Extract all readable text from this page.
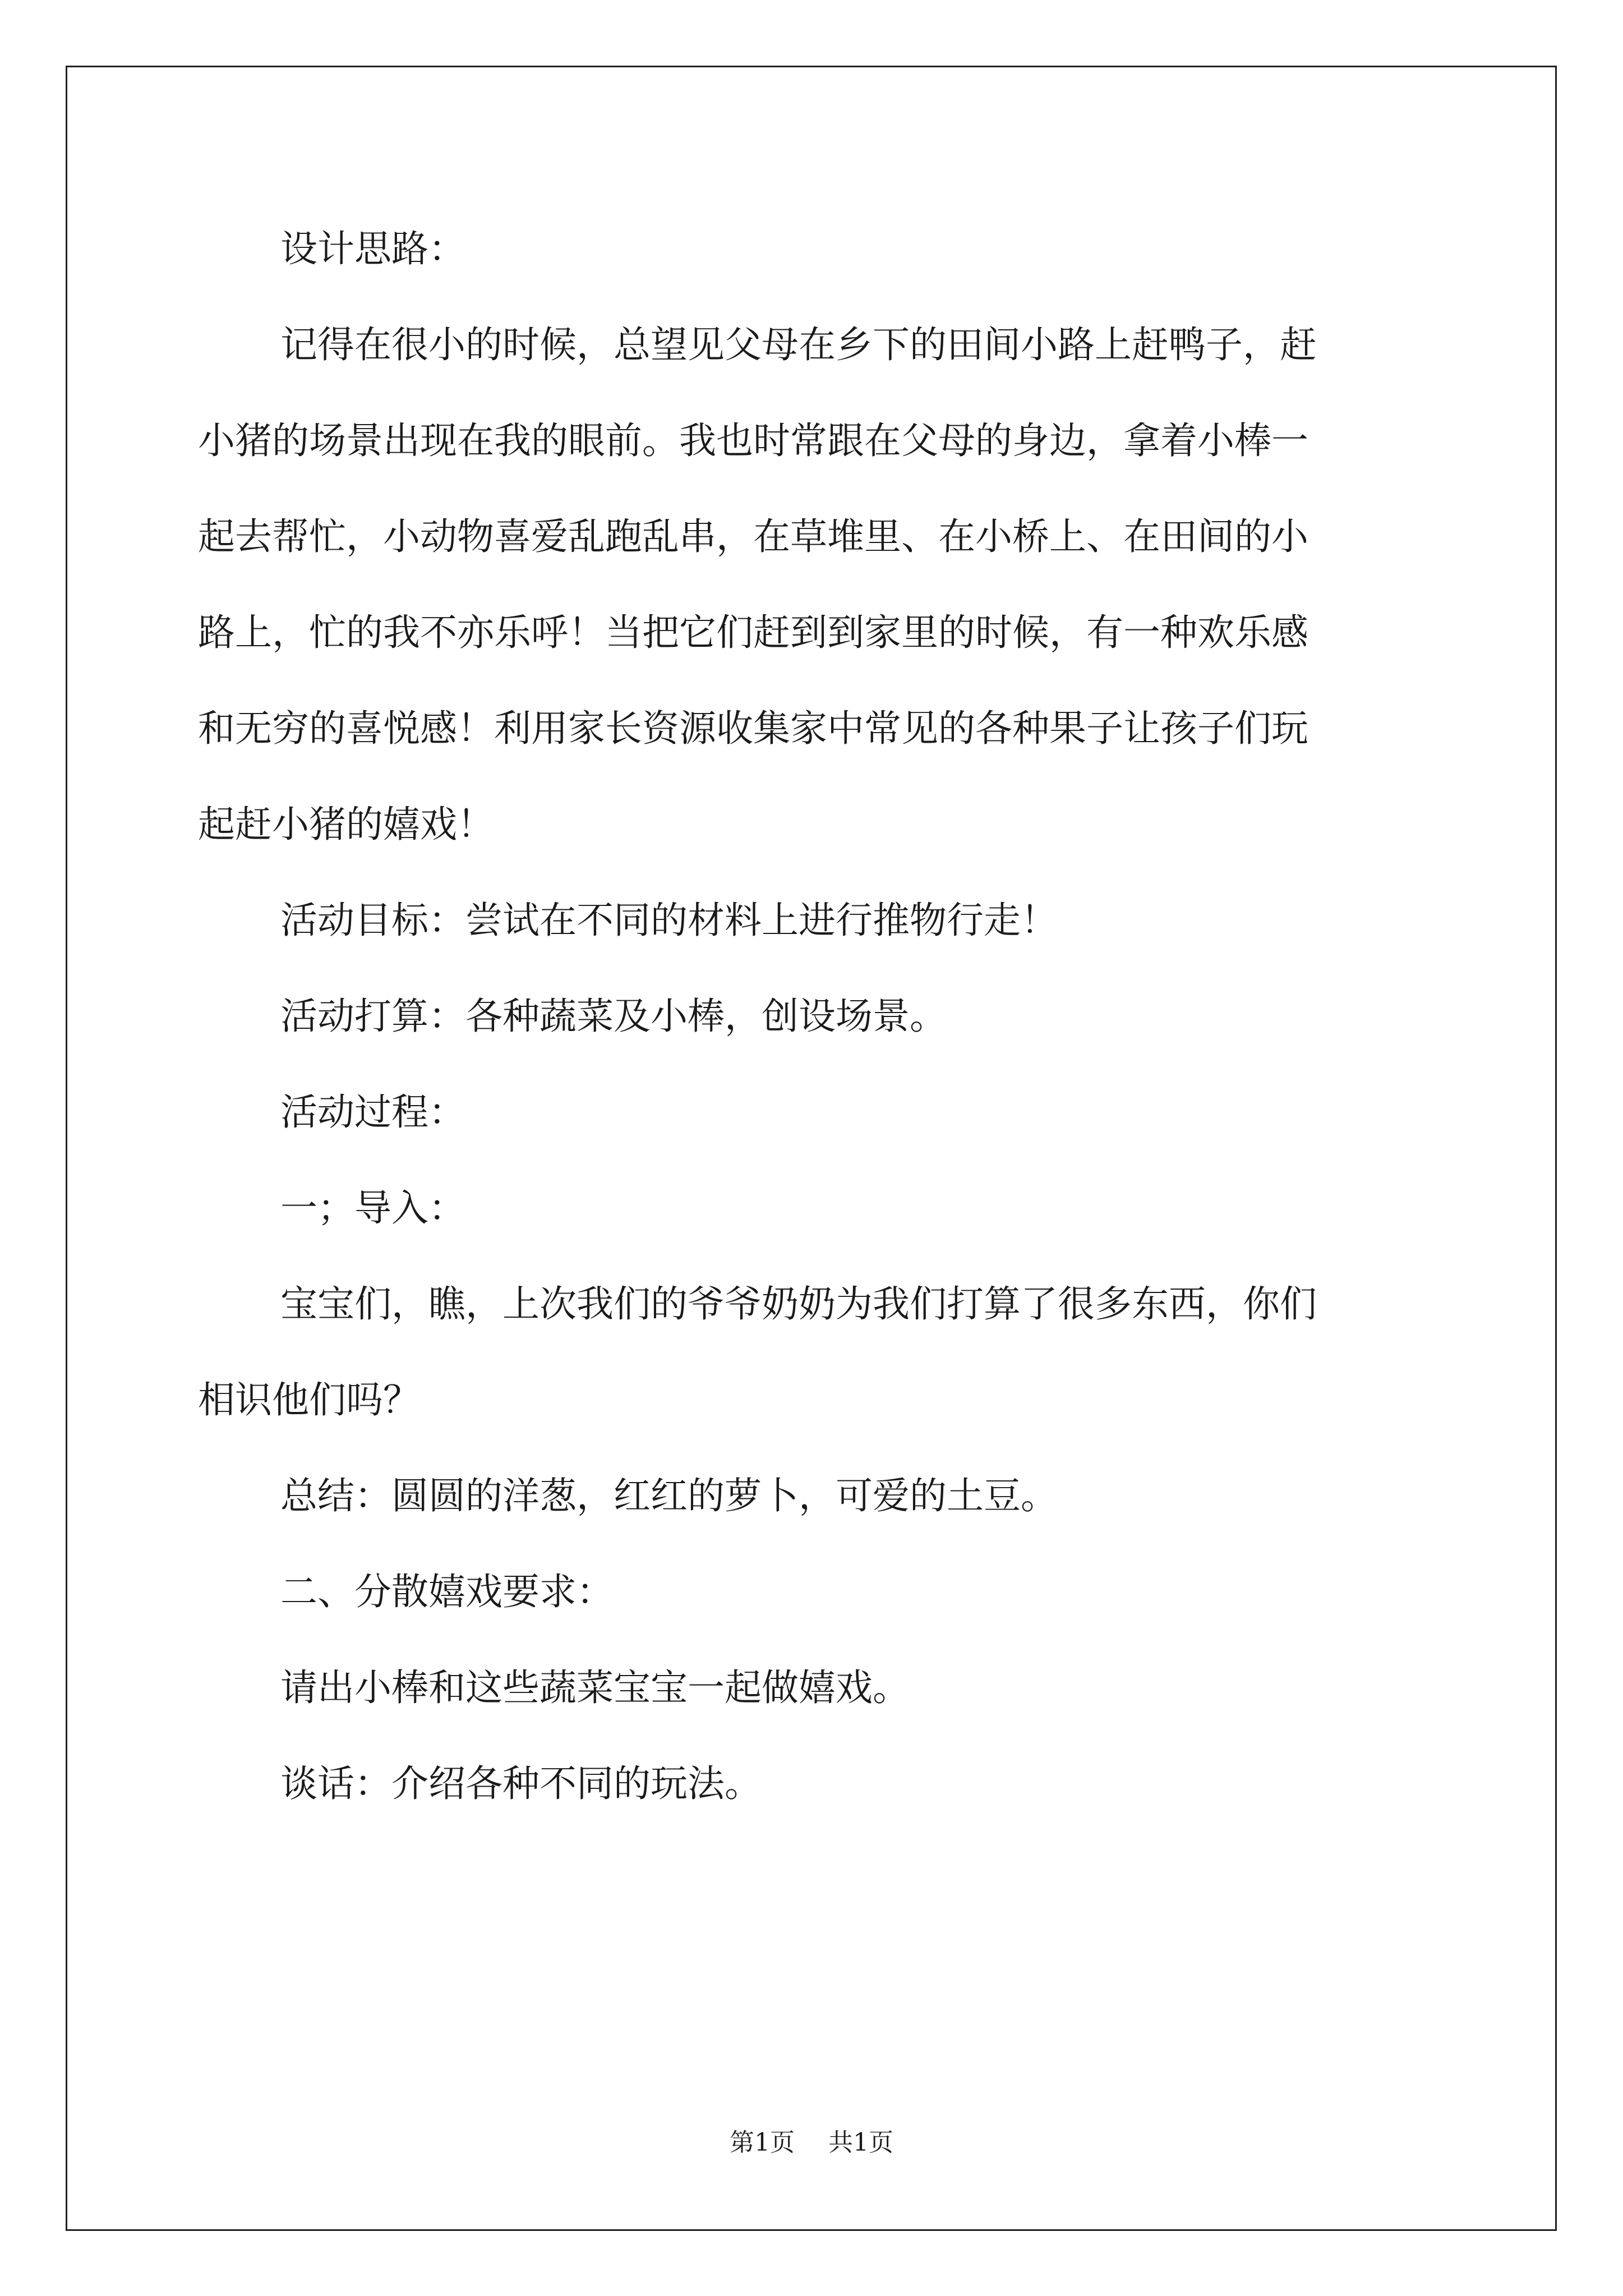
设计思路：

记得在很小的时候，总望见父母在乡下的田间小路上赶鸭子，赶
小猪的场景出现在我的眼前。我也时常跟在父母的身边，拿着小棒一
起去帮忙，小动物喜爱乱跑乱串，在草堆里、在小桥上、在田间的小
路上，忙的我不亦乐呼！当把它们赶到到家里的时候，有一种欢乐感
和无穷的喜悦感！利用家长资源收集家中常见的各种果子让孩子们玩
起赶小猪的嬉戏！

活动目标：尝试在不同的材料上进行推物行走！

活动打算：各种蔬菜及小棒，创设场景。

活动过程：

一；导入：

宝宝们，瞧，上次我们的爷爷奶奶为我们打算了很多东西，你们
相识他们吗？

总结：圆圆的洋葱，红红的萝卜，可爱的土豆。

二、分散嬉戏要求：

请出小棒和这些蔬菜宝宝一起做嬉戏。

谈话：介绍各种不同的玩法。

第1页 共1页
